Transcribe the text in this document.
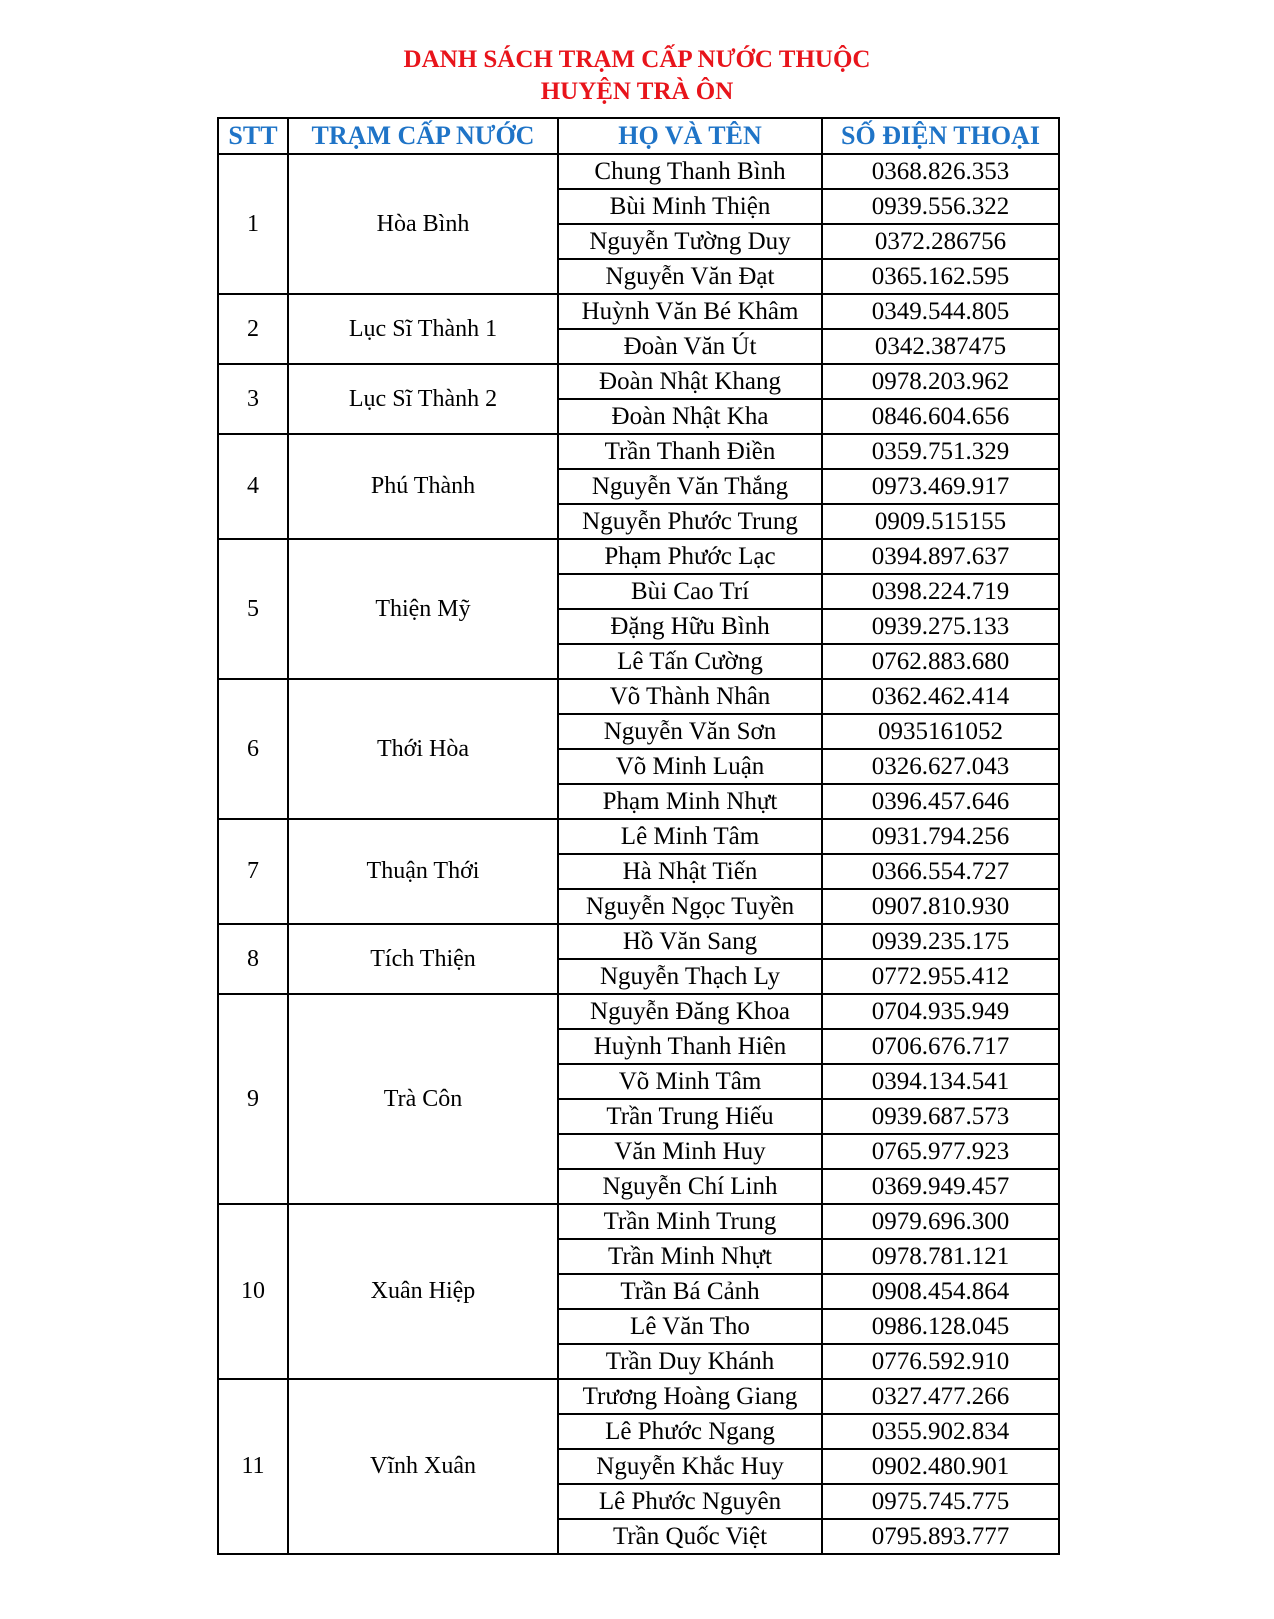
DANH SÁCH TRẠM CẤP NƯỚC THUỘC
HUYỆN TRÀ ÔN
STT	TRẠM CẤP NƯỚC	HỌ VÀ TÊN	SỐ ĐIỆN THOẠI
1	Hòa Bình	Chung Thanh Bình	0368.826.353
		Bùi Minh Thiện	0939.556.322
		Nguyễn Tường Duy	0372.286756
		Nguyễn Văn Đạt	0365.162.595
2	Lục Sĩ Thành 1	Huỳnh Văn Bé Khâm	0349.544.805
		Đoàn Văn Út	0342.387475
3	Lục Sĩ Thành 2	Đoàn Nhật Khang	0978.203.962
		Đoàn Nhật Kha	0846.604.656
4	Phú Thành	Trần Thanh Điền	0359.751.329
		Nguyễn Văn Thắng	0973.469.917
		Nguyễn Phước Trung	0909.515155
5	Thiện Mỹ	Phạm Phước Lạc	0394.897.637
		Bùi Cao Trí	0398.224.719
		Đặng Hữu Bình	0939.275.133
		Lê Tấn Cường	0762.883.680
6	Thới Hòa	Võ Thành Nhân	0362.462.414
		Nguyễn Văn Sơn	0935161052
		Võ Minh Luận	0326.627.043
		Phạm Minh Nhựt	0396.457.646
7	Thuận Thới	Lê Minh Tâm	0931.794.256
		Hà Nhật Tiến	0366.554.727
		Nguyễn Ngọc Tuyền	0907.810.930
8	Tích Thiện	Hồ Văn Sang	0939.235.175
		Nguyễn Thạch Ly	0772.955.412
9	Trà Côn	Nguyễn Đăng Khoa	0704.935.949
		Huỳnh Thanh Hiên	0706.676.717
		Võ Minh Tâm	0394.134.541
		Trần Trung Hiếu	0939.687.573
		Văn Minh Huy	0765.977.923
		Nguyễn Chí Linh	0369.949.457
10	Xuân Hiệp	Trần Minh Trung	0979.696.300
		Trần Minh Nhựt	0978.781.121
		Trần Bá Cảnh	0908.454.864
		Lê Văn Tho	0986.128.045
		Trần Duy Khánh	0776.592.910
11	Vĩnh Xuân	Trương Hoàng Giang	0327.477.266
		Lê Phước Ngang	0355.902.834
		Nguyễn Khắc Huy	0902.480.901
		Lê Phước Nguyên	0975.745.775
		Trần Quốc Việt	0795.893.777
